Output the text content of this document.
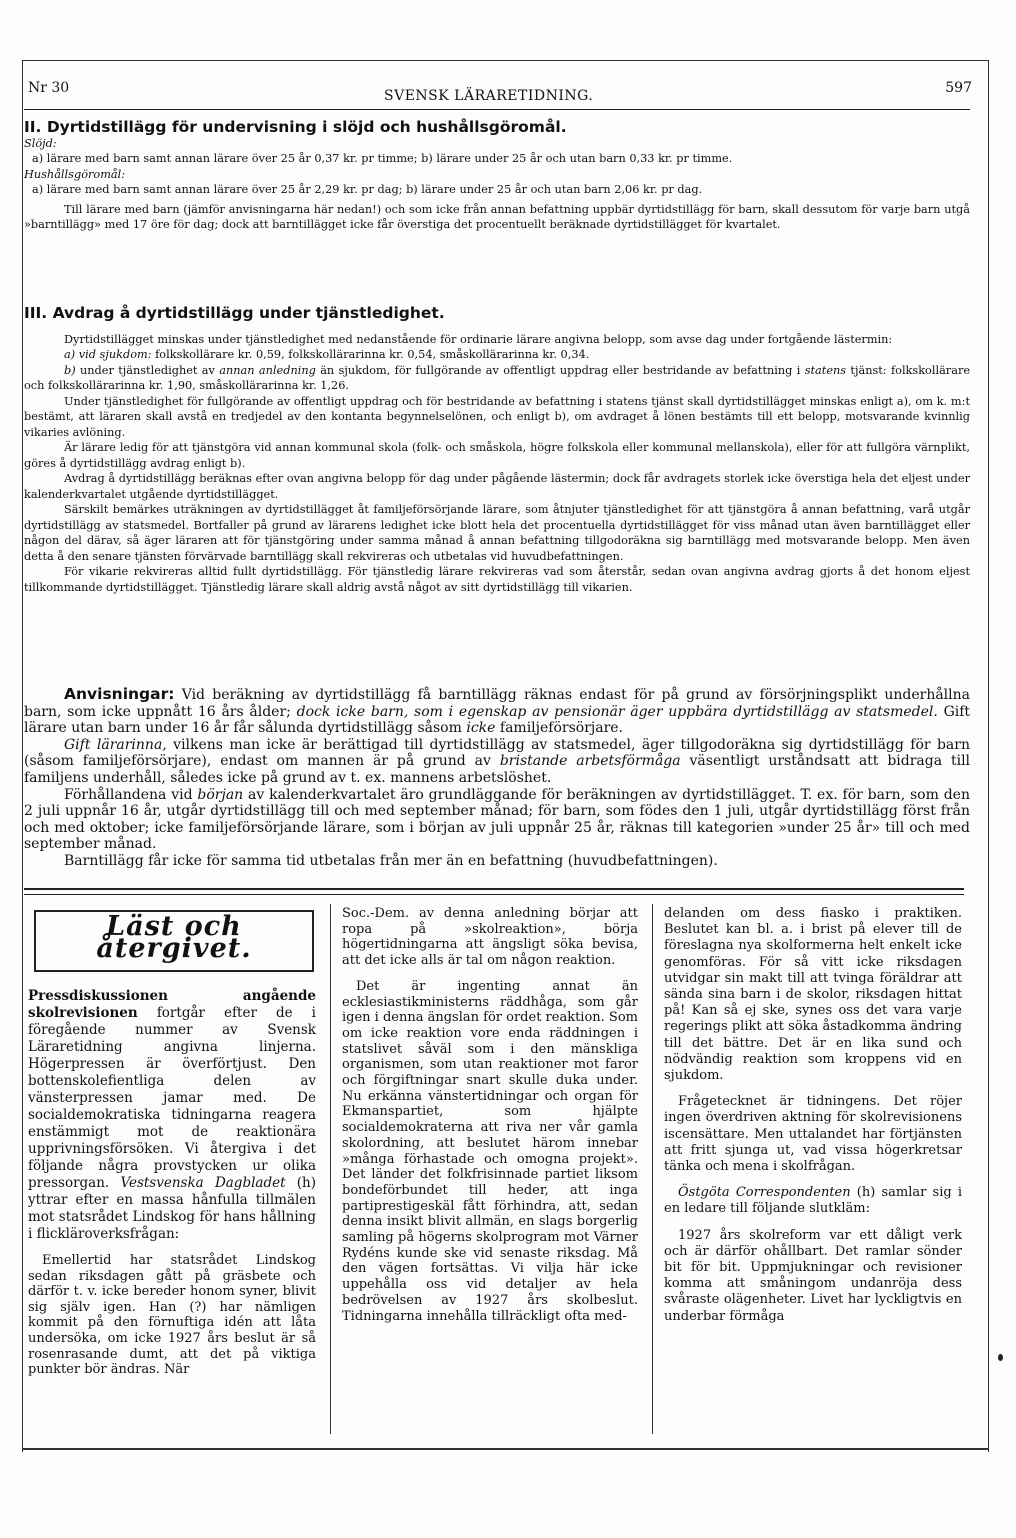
Nr 30	SVENSK LÄRARETIDNING.	597

II. Dyrtidstillägg för undervisning i slöjd och hushållsgöromål.

Slöjd:

a) lärare med barn samt annan lärare över 25 år 0,37 kr. pr timme; b) lärare under 25 år och utan barn 0,33 kr. pr timme.

Hushållsgöromål:

a) lärare med barn samt annan lärare över 25 år 2,29 kr. pr dag; b) lärare under 25 år och utan barn 2,06 kr. pr dag.

Till lärare med barn (jämför anvisningarna här nedan!) och som icke från annan befattning uppbär dyrtidstillägg för barn, skall dessutom för varje barn utgå »barntillägg» med 17 öre för dag; dock att barntillägget icke får överstiga det procentuellt beräknade dyrtidstillägget för kvartalet.

III. Avdrag å dyrtidstillägg under tjänstledighet.

Dyrtidstillägget minskas under tjänstledighet med nedanstående för ordinarie lärare angivna belopp, som avse dag under fortgående lästermin:

a) vid sjukdom: folkskollärare kr. 0,59, folkskollärarinna kr. 0,54, småskollärarinna kr. 0,34.

b) under tjänstledighet av annan anledning än sjukdom, för fullgörande av offentligt uppdrag eller bestridande av befattning i statens tjänst: folkskollärare och folkskollärarinna kr. 1,90, småskollärarinna kr. 1,26.

Under tjänstledighet för fullgörande av offentligt uppdrag och för bestridande av befattning i statens tjänst skall dyrtidstillägget minskas enligt a), om k. m:t bestämt, att läraren skall avstå en tredjedel av den kontanta begynnelselönen, och enligt b), om avdraget å lönen bestämts till ett belopp, motsvarande kvinnlig vikaries avlöning.

Är lärare ledig för att tjänstgöra vid annan kommunal skola (folk- och småskola, högre folkskola eller kommunal mellanskola), eller för att fullgöra värnplikt, göres å dyrtidstillägg avdrag enligt b).

Avdrag å dyrtidstillägg beräknas efter ovan angivna belopp för dag under pågående lästermin; dock får avdragets storlek icke överstiga hela det eljest under kalenderkvartalet utgående dyrtidstillägget.

Särskilt bemärkes uträkningen av dyrtidstillägget åt familjeförsörjande lärare, som åtnjuter tjänstledighet för att tjänstgöra å annan befattning, varå utgår dyrtidstillägg av statsmedel. Bortfaller på grund av lärarens ledighet icke blott hela det procentuella dyrtidstillägget för viss månad utan även barntillägget eller någon del därav, så äger läraren att för tjänstgöring under samma månad å annan befattning tillgodoräkna sig barntillägg med motsvarande belopp. Men även detta å den senare tjänsten förvärvade barntillägg skall rekvireras och utbetalas vid huvudbefattningen.

För vikarie rekvireras alltid fullt dyrtidstillägg. För tjänstledig lärare rekvireras vad som återstår, sedan ovan angivna avdrag gjorts å det honom eljest tillkommande dyrtidstillägget. Tjänstledig lärare skall aldrig avstå något av sitt dyrtidstillägg till vikarien.

Anvisningar: Vid beräkning av dyrtidstillägg få barntillägg räknas endast för på grund av försörjningsplikt underhållna barn, som icke uppnått 16 års ålder; dock icke barn, som i egenskap av pensionär äger uppbära dyrtidstillägg av statsmedel. Gift lärare utan barn under 16 år får sålunda dyrtidstillägg såsom icke familjeförsörjare.

Gift lärarinna, vilkens man icke är berättigad till dyrtidstillägg av statsmedel, äger tillgodoräkna sig dyrtidstillägg för barn (såsom familjeförsörjare), endast om mannen är på grund av bristande arbetsförmåga väsentligt urståndsatt att bidraga till familjens underhåll, således icke på grund av t. ex. mannens arbetslöshet.

Förhållandena vid början av kalenderkvartalet äro grundläggande för beräkningen av dyrtidstillägget. T. ex. för barn, som den 2 juli uppnår 16 år, utgår dyrtidstillägg till och med september månad; för barn, som födes den 1 juli, utgår dyrtidstillägg först från och med oktober; icke familjeförsörjande lärare, som i början av juli uppnår 25 år, räknas till kategorien »under 25 år» till och med september månad.

Barntillägg får icke för samma tid utbetalas från mer än en befattning (huvudbefattningen).

Läst och återgivet.

Pressdiskussionen angående skolrevisionen fortgår efter de i föregående nummer av Svensk Läraretidning angivna linjerna. Högerpressen är överförtjust. Den bottenskolefientliga delen av vänsterpressen jamar med. De socialdemokratiska tidningarna reagera enstämmigt mot de reaktionära upprivningsförsöken. Vi återgiva i det följande några provstycken ur olika pressorgan. Vestsvenska Dagbladet (h) yttrar efter en massa hånfulla tillmälen mot statsrådet Lindskog för hans hållning i flickläroverksfrågan:

Emellertid har statsrådet Lindskog sedan riksdagen gått på gräsbete och därför t. v. icke bereder honom syner, blivit sig själv igen. Han (?) har nämligen kommit på den förnuftiga idén att låta undersöka, om icke 1927 års beslut är så rosenrasande dumt, att det på viktiga punkter bör ändras. När

Soc.-Dem. av denna anledning börjar att ropa på »skolreaktion», börja högertidningarna att ängsligt söka bevisa, att det icke alls är tal om någon reaktion.

Det är ingenting annat än ecklesiastikministerns räddhåga, som går igen i denna ängslan för ordet reaktion. Som om icke reaktion vore enda räddningen i statslivet såväl som i den mänskliga organismen, som utan reaktioner mot faror och förgiftningar snart skulle duka under. Nu erkänna vänstertidningar och organ för Ekmanspartiet, som hjälpte socialdemokraterna att riva ner vår gamla skolordning, att beslutet härom innebar »många förhastade och omogna projekt». Det länder det folkfrisinnade partiet liksom bondeförbundet till heder, att inga partiprestigeskäl fått förhindra, att, sedan denna insikt blivit allmän, en slags borgerlig samling på högerns skolprogram mot Värner Rydéns kunde ske vid senaste riksdag. Må den vägen fortsättas. Vi vilja här icke uppehålla oss vid detaljer av hela bedrövelsen av 1927 års skolbeslut. Tidningarna innehålla tillräckligt ofta med-

delanden om dess fiasko i praktiken. Beslutet kan bl. a. i brist på elever till de föreslagna nya skolformerna helt enkelt icke genomföras. För så vitt icke riksdagen utvidgar sin makt till att tvinga föräldrar att sända sina barn i de skolor, riksdagen hittat på! Kan så ej ske, synes oss det vara varje regerings plikt att söka åstadkomma ändring till det bättre. Det är en lika sund och nödvändig reaktion som kroppens vid en sjukdom.

Frågetecknet är tidningens. Det röjer ingen överdriven aktning för skolrevisionens iscensättare. Men uttalandet har förtjänsten att fritt sjunga ut, vad vissa högerkretsar tänka och mena i skolfrågan.

Östgöta Correspondenten (h) samlar sig i en ledare till följande slutkläm:

1927 års skolreform var ett dåligt verk och är därför ohållbart. Det ramlar sönder bit för bit. Uppmjukningar och revisioner komma att småningom undanröja dess svåraste olägenheter. Livet har lyckligtvis en underbar förmåga
